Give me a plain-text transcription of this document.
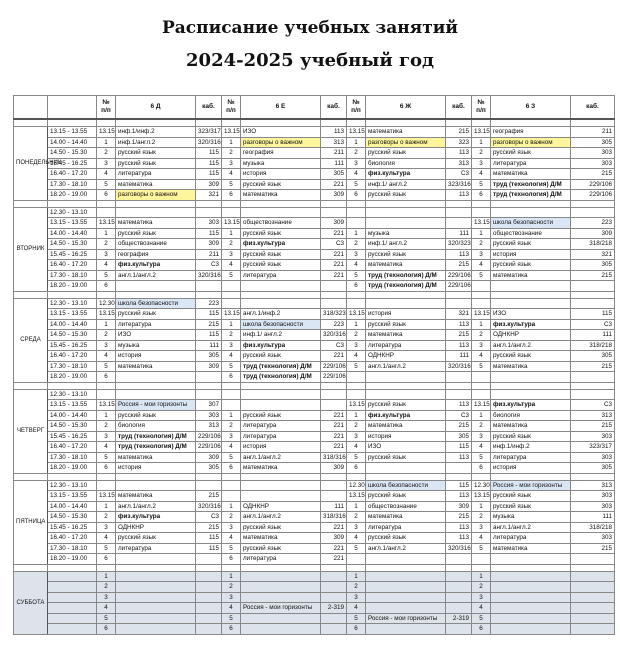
Расписание учебных занятий
2024-2025 учебный год
		№ п/п	6 Д	каб.	№ п/п	6 Е	каб.	№ п/п	6 Ж	каб.	№ п/п	6 З	каб.

ПОНЕДЕЛЬНИК	13.15 - 13.55	13.15	инф.1/инф.2	323/317	13.15	ИЗО	113	13.15	математика	215	13.15	география	211
	14.00 - 14.40	1	инф.1/англ.2	320/316	1	разговоры о важном	313	1	разговоры о важном	323	1	разговоры о важном	305
	14.50 - 15.30	2	русский язык	115	2	география	211	2	русский язык	113	2	русский язык	303
	15.45 - 16.25	3	русский язык	115	3	музыка	111	3	биология	313	3	литература	303
	16.40 - 17.20	4	литература	115	4	история	305	4	физ.культура	С3	4	математика	215
	17.30 - 18.10	5	математика	309	5	русский язык	221	5	инф.1/ англ.2	323/316	5	труд (технология) Д/М	229/106
	18.20 - 19.00	6	разговоры о важном	321	6	математика	309	6	русский язык	113	6	труд (технология) Д/М	229/106

ВТОРНИК	12.30 - 13.10												
	13.15 - 13.55	13.15	математика	303	13.15	обществознание	309				13.15	школа безопасности	223
	14.00 - 14.40	1	русский язык	115	1	русский язык	221	1	музыка	111	1	обществознание	309
	14.50 - 15.30	2	обществознание	309	2	физ.культура	С3	2	инф.1/ англ.2	320/323	2	русский язык	318/218
	15.45 - 16.25	3	география	211	3	русский язык	221	3	русский язык	113	3	история	321
	16.40 - 17.20	4	физ.культура	С3	4	русский язык	221	4	математика	215	4	русский язык	305
	17.30 - 18.10	5	англ.1/англ.2	320/316	5	литература	221	5	труд (технология) Д/М	229/106	5	математика	215
	18.20 - 19.00	6						6	труд (технология) Д/М	229/106			

СРЕДА	12.30 - 13.10	12.30	школа безопасности	223									
	13.15 - 13.55	13.15	русский язык	115	13.15	англ.1/инф.2	318/323	13.15	история	321	13.15	ИЗО	115
	14.00 - 14.40	1	литература	215	1	школа безопасности	223	1	русский язык	113	1	физ.культура	С3
	14.50 - 15.30	2	ИЗО	115	2	инф.1/ англ.2	320/316	2	математика	215	2	ОДНКНР	111
	15.45 - 16.25	3	музыка	111	3	физ.культура	С3	3	литература	113	3	англ.1/англ.2	318/218
	16.40 - 17.20	4	история	305	4	русский язык	221	4	ОДНКНР	111	4	русский язык	305
	17.30 - 18.10	5	математика	309	5	труд (технология) Д/М	229/106	5	англ.1/англ.2	320/316	5	математика	215
	18.20 - 19.00	6			6	труд (технология) Д/М	229/106						

ЧЕТВЕРГ	12.30 - 13.10												
	13.15 - 13.55	13.15	Россия - мои горизонты	307				13.15	русский язык	113	13.15	физ.культура	С3
	14.00 - 14.40	1	русский язык	303	1	русский язык	221	1	физ.культура	С3	1	биология	313
	14.50 - 15.30	2	биология	313	2	литература	221	2	математика	215	2	математика	215
	15.45 - 16.25	3	труд (технология) Д/М	229/106	3	литература	221	3	история	305	3	русский язык	303
	16.40 - 17.20	4	труд (технология) Д/М	229/106	4	история	221	4	ИЗО	115	4	инф.1/инф.2	323/317
	17.30 - 18.10	5	математика	309	5	англ.1/англ.2	318/316	5	русский язык	113	5	литература	303
	18.20 - 19.00	6	история	305	6	математика	309	6			6	история	305

ПЯТНИЦА	12.30 - 13.10							12.30	школа безопасности	115	12.30	Россия - мои горизонты	313
	13.15 - 13.55	13.15	математика	215				13.15	русский язык	113	13.15	русский язык	303
	14.00 - 14.40	1	англ.1/англ.2	320/316	1	ОДНКНР	111	1	обществознание	309	1	русский язык	303
	14.50 - 15.30	2	физ.культура	С3	2	англ.1/англ.2	318/316	2	математика	215	2	музыка	111
	15.45 - 16.25	3	ОДНКНР	215	3	русский язык	221	3	литература	113	3	англ.1/англ.2	318/218
	16.40 - 17.20	4	русский язык	115	4	математика	309	4	русский язык	113	4	литература	303
	17.30 - 18.10	5	литература	115	5	русский язык	221	5	англ.1/англ.2	320/316	5	математика	215
	18.20 - 19.00	6			6	литература	221						

СУББОТА		1			1			1			1		
		2			2			2			2		
		3			3			3			3		
		4			4	Россия - мои горизонты	2-319	4			4		
		5			5			5	Россия - мои горизонты	2-319	5		
		6			6			6			6		
